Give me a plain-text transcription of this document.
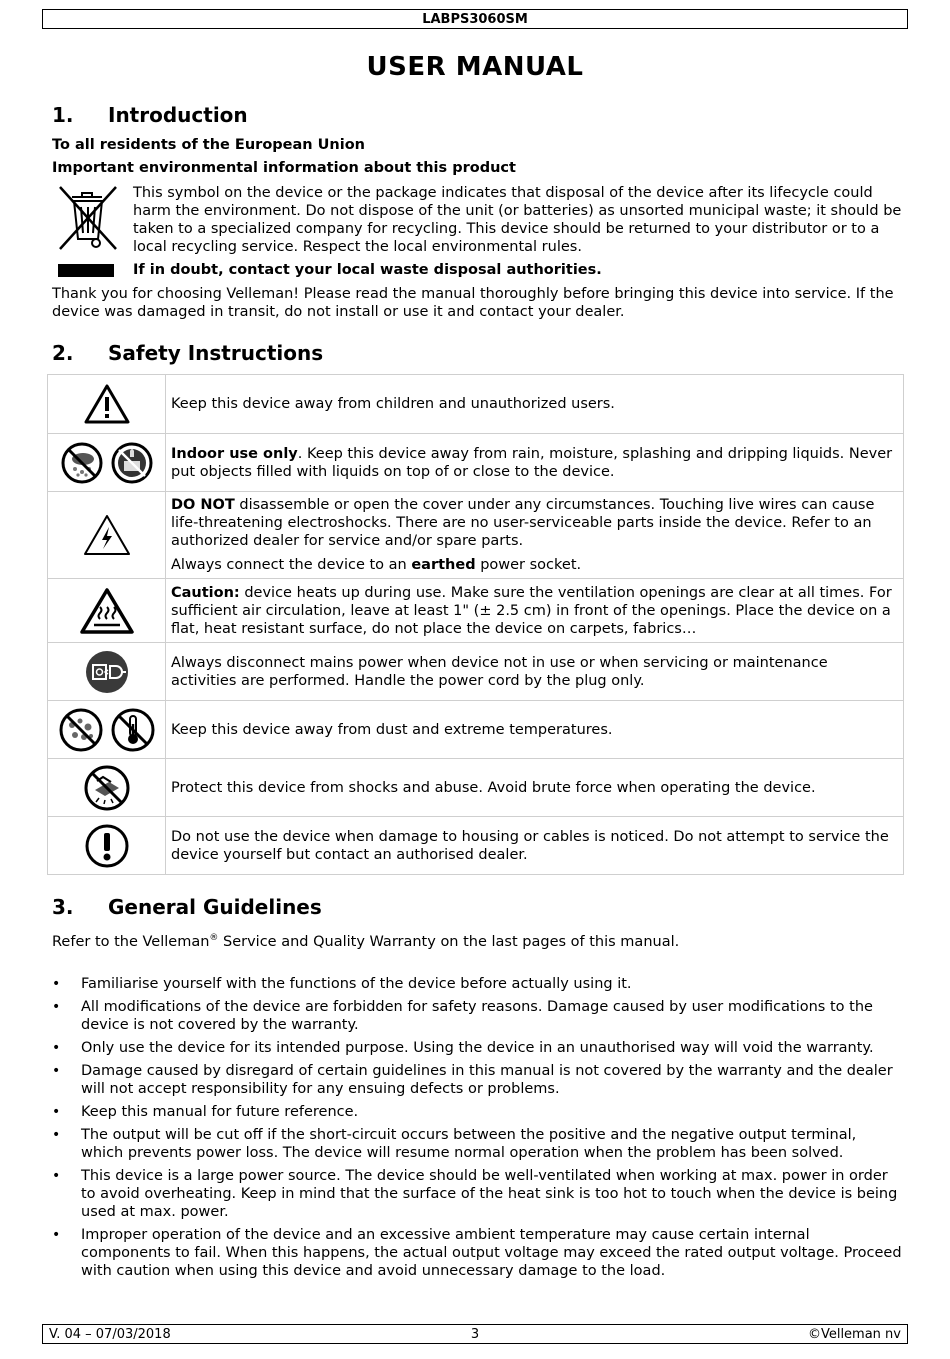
LABPS3060SM
USER MANUAL
1. Introduction
To all residents of the European Union
Important environmental information about this product
This symbol on the device or the package indicates that disposal of the device after its lifecycle could harm the environment. Do not dispose of the unit (or batteries) as unsorted municipal waste; it should be taken to a specialized company for recycling. This device should be returned to your distributor or to a local recycling service. Respect the local environmental rules.
If in doubt, contact your local waste disposal authorities.
Thank you for choosing Velleman! Please read the manual thoroughly before bringing this device into service. If the device was damaged in transit, do not install or use it and contact your dealer.
2. Safety Instructions

Keep this device away from children and unauthorized users.

Indoor use only. Keep this device away from rain, moisture, splashing and dripping liquids. Never put objects filled with liquids on top of or close to the device.

DO NOT disassemble or open the cover under any circumstances. Touching live wires can cause life-threatening electroshocks. There are no user-serviceable parts inside the device. Refer to an authorized dealer for service and/or spare parts.

Always connect the device to an earthed power socket.

Caution: device heats up during use. Make sure the ventilation openings are clear at all times. For sufficient air circulation, leave at least 1" (± 2.5 cm) in front of the openings. Place the device on a flat, heat resistant surface, do not place the device on carpets, fabrics…

Always disconnect mains power when device not in use or when servicing or maintenance activities are performed. Handle the power cord by the plug only.

Keep this device away from dust and extreme temperatures.

Protect this device from shocks and abuse. Avoid brute force when operating the device.

Do not use the device when damage to housing or cables is noticed. Do not attempt to service the device yourself but contact an authorised dealer.

3. General Guidelines
Refer to the Velleman® Service and Quality Warranty on the last pages of this manual.
• Familiarise yourself with the functions of the device before actually using it.
• All modifications of the device are forbidden for safety reasons. Damage caused by user modifications to the device is not covered by the warranty.
• Only use the device for its intended purpose. Using the device in an unauthorised way will void the warranty.
• Damage caused by disregard of certain guidelines in this manual is not covered by the warranty and the dealer will not accept responsibility for any ensuing defects or problems.
• Keep this manual for future reference.
• The output will be cut off if the short-circuit occurs between the positive and the negative output terminal, which prevents power loss. The device will resume normal operation when the problem has been solved.
• This device is a large power source. The device should be well-ventilated when working at max. power in order to avoid overheating. Keep in mind that the surface of the heat sink is too hot to touch when the device is being used at max. power.
• Improper operation of the device and an excessive ambient temperature may cause certain internal components to fail. When this happens, the actual output voltage may exceed the rated output voltage. Proceed with caution when using this device and avoid unnecessary damage to the load.
V. 04 – 07/03/2018	3	©Velleman nv
